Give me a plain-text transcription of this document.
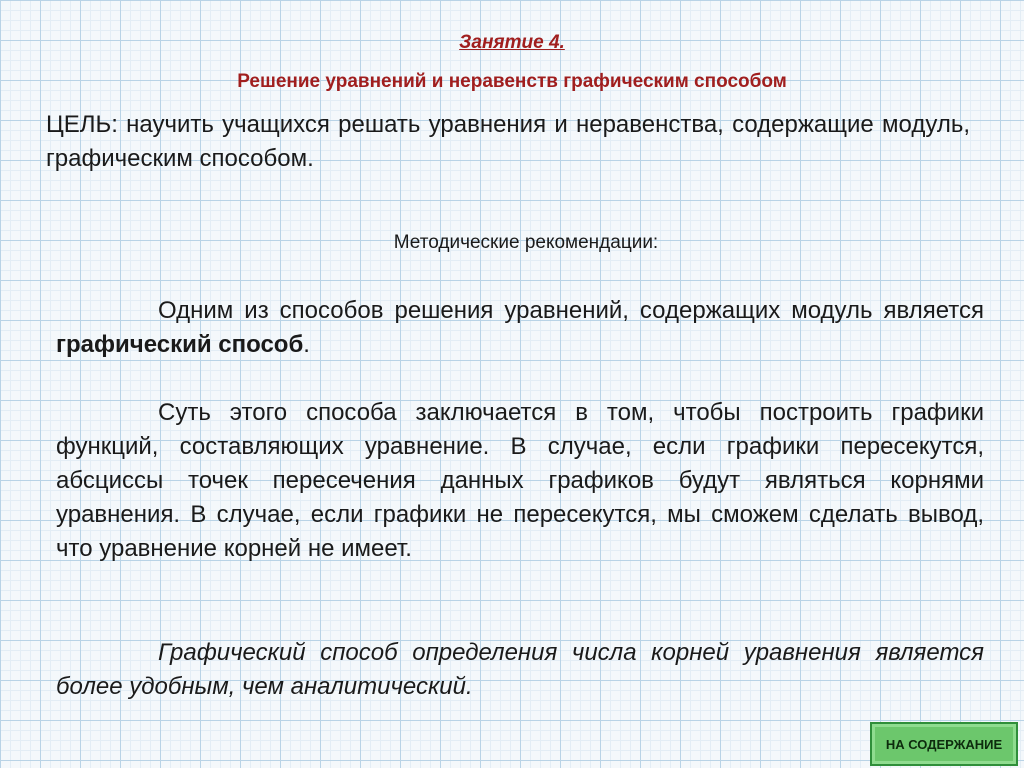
Занятие 4.
Решение уравнений и неравенств графическим способом

ЦЕЛЬ: научить учащихся решать уравнения и неравенства, содержащие модуль, графическим способом.

Методические рекомендации:

Одним из способов решения уравнений, содержащих модуль является графический способ.

Суть этого способа заключается в том, чтобы построить графики функций, составляющих уравнение. В случае, если графики пересекутся, абсциссы точек пересечения данных графиков будут являться корнями уравнения. В случае, если графики не пересекутся, мы сможем сделать вывод, что уравнение корней не имеет.

Графический способ определения числа корней уравнения является более удобным, чем аналитический.

НА СОДЕРЖАНИЕ
